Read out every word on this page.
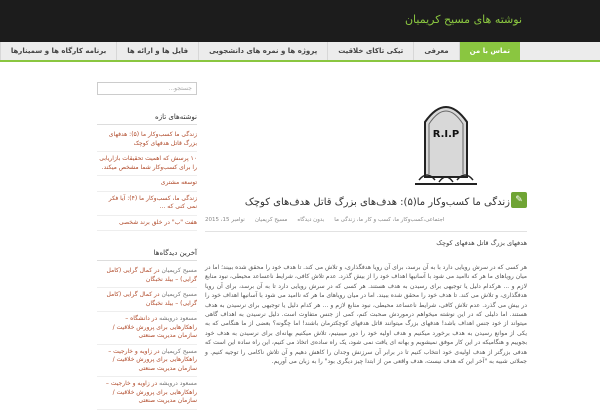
نوشته های مسیح کریمیان
تماس با من
معرفی
تیکی تاکای خلاقیت
پروژه ها و نمره های دانشجویی
فایل ها و ارائه ها
برنامه کارگاه ها و سمینارها
جستجو...
نوشته‌های تازه
زندگی ما کسب‌وکار ما (۵): هدفهای بزرگ قاتل هدفهای کوچک
۱۰ پرسش که اهمیت تحقیقات بازاریابی را برای کسب‌وکار شما مشخص میکند.
توسعه مشتری
زندگی ما، کسب‌وکار ما (۴): آیا فکر نمی کنی که ...
هفت "ب" در خلق برند شخصی
آخرین دیدگاه‌ها
مسیح کریمیان در کمال گرایی (کامل گرایی) – بیلد نخبگان
مسیح کریمیان در کمال گرایی (کامل گرایی) – بیلد نخبگان
مسعود درویشه در دانشگاه – راهکارهایی برای پرورش خلاقیت / سازمان مدیریت صنعتی
مسیح کریمیان در زاویه و خارجیت – راهکارهایی برای پرورش خلاقیت / سازمان مدیریت صنعتی
مسعود درویشه در زاویه و خارجیت – راهکارهایی برای پرورش خلاقیت / سازمان مدیریت صنعتی
R.I.P
✎
زندگی ما کسب‌وکار ما(۵): هدف‌های بزرگ قاتل هدف‌های کوچک
نوامبر 15، 2015 مسیح کریمیان بدون دیدگاه اجتماعی،کسب‌وکار ما، کسب و کار ما، زندگی ما
هدفهای بزرگ قاتل هدفهای کوچک

هر کسی که در سرش رویایی دارد با به آن برسد، برای آن رویا هدفگذاری، و تلاش می کند. تا هدف خود را محقق شده ببیند؛ اما در میان رویاهای ما هر که ناامید می شود با آسانیها اهداف خود را از بیش گذرد. عدم تلاش کافی، شرایط ناعساعد محیطی، نبود منابع لازم و ... هرکدام دلیل یا توجیهی برای رسیدن به هدف هستند. هر کسی که در سرش رویایی دارد تا به آن برسد، برای آن رویا هدفگذاری، و تلاش می کند. تا هدف خود را محقق شده ببیند. اما در میان رویاهای ما هر که ناامید می شود با آسانیها اهداف خود را در بیش می گذرد. عدم تلاش کافی، شرایط ناعساعد محیطی، نبود منابع لازم و ... هر کدام دلیل یا توجیهی برای نرسیدن به هدف هستند. اما دلیلی که در این نوشته میخواهم درموردش صحبت کنم، کمی از جنس متفاوت است. دلیل نرسیدن به اهداف گاهی میتواند از خود جنس اهداف باشد! هدفهای بزرگ میتوانند قاتل هدفهای کوچکترمان باشند! اما چگونه؟ بعضی از ما هنگامی که به یکی از موانع رسیدن به هدف برخورد میکنیم و هدف اولیه خود را دور میبینیم، تلاش میکنیم بهانه‌ای برای نرسیدن به هدف خود بجوییم و هنگامیکه در این کار موفق نمیشویم و بهانه ای یافت نمی شود، یک راه ساده‌ی اتخاذ می کنیم، این راه ساده این است که هدفی بزرگتر از هدف اولیه‌ی خود انتخاب کنیم تا در برابر آن سرزنش وجدان را کاهش دهیم و آن تلاش ناکامی را توجیه کنیم. و جملاتی شبیه به "آخر این که هدف نیست، هدف واقعی من از ابتدا چیز دیگری بود" را به زبان می آوریم.
